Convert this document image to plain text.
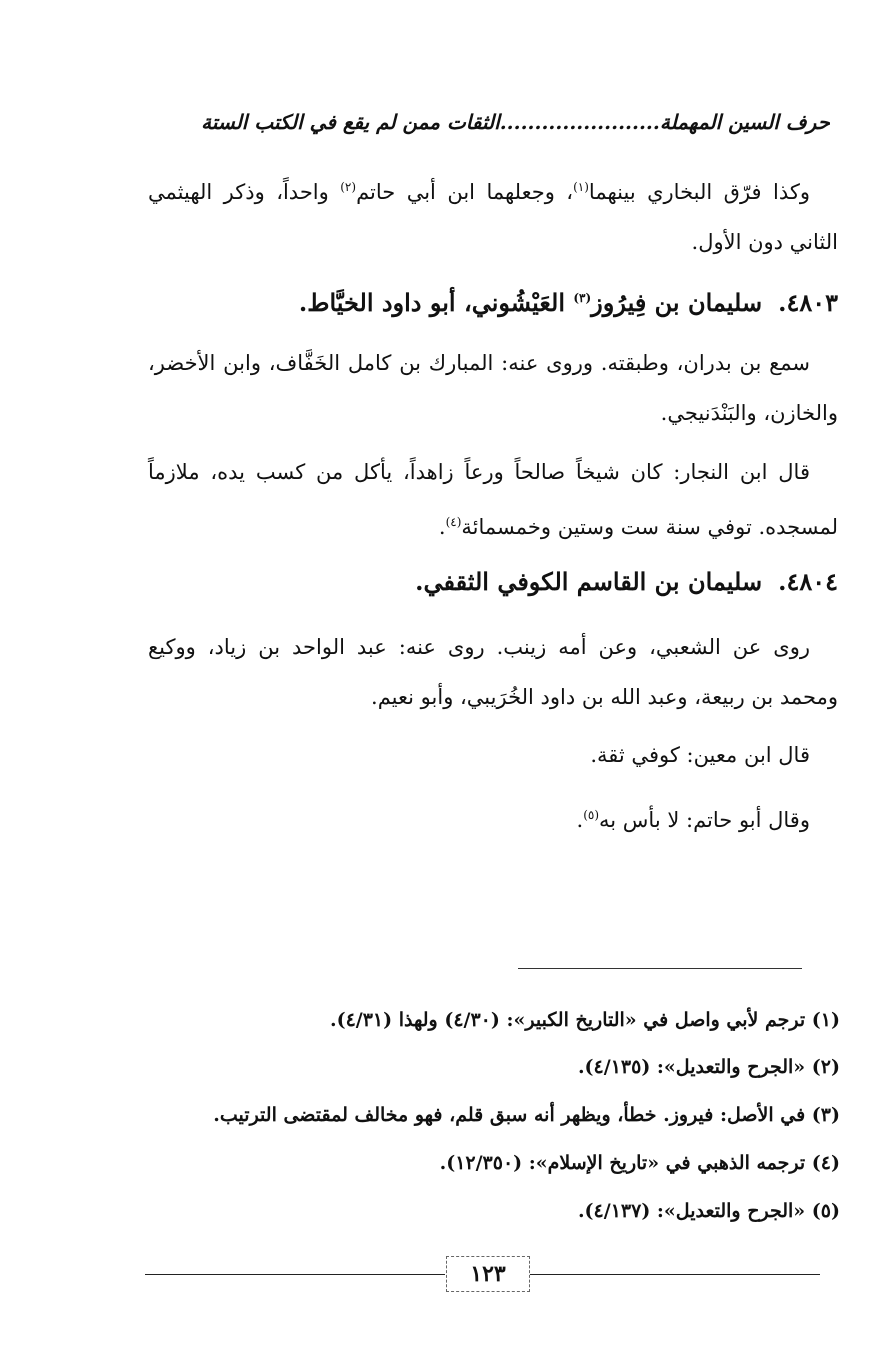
حرف السين المهملة.......................الثقات ممن لم يقع في الكتب الستة
وكذا فرّق البخاري بينهما$^{(١)}$، وجعلهما ابن أبي حاتم$^{(٢)}$ واحداً، وذكر الهيثمي الثاني دون الأول.
٤٨٠٣.سليمان بن فِيرُوز$^{(٣)}$ العَيْشُوني، أبو داود الخيَّاط.
سمع بن بدران، وطبقته. وروى عنه: المبارك بن كامل الخَفَّاف، وابن الأخضر، والخازن، والبَنْدَنيجي.
قال ابن النجار: كان شيخاً صالحاً ورعاً زاهداً، يأكل من كسب يده، ملازماً لمسجده. توفي سنة ست وستين وخمسمائة$^{(٤)}$.
٤٨٠٤.سليمان بن القاسم الكوفي الثقفي.
روى عن الشعبي، وعن أمه زينب. روى عنه: عبد الواحد بن زياد، ووكيع ومحمد بن ربيعة، وعبد الله بن داود الخُرَيبي، وأبو نعيم.
قال ابن معين: كوفي ثقة.
وقال أبو حاتم: لا بأس به$^{(٥)}$.
(١) ترجم لأبي واصل في «التاريخ الكبير»: (٤/٣٠) ولهذا (٤/٣١).
(٢) «الجرح والتعديل»: (٤/١٣٥).
(٣) في الأصل: فيروز. خطأ، ويظهر أنه سبق قلم، فهو مخالف لمقتضى الترتيب.
(٤) ترجمه الذهبي في «تاريخ الإسلام»: (١٢/٣٥٠).
(٥) «الجرح والتعديل»: (٤/١٣٧).
١٢٣
